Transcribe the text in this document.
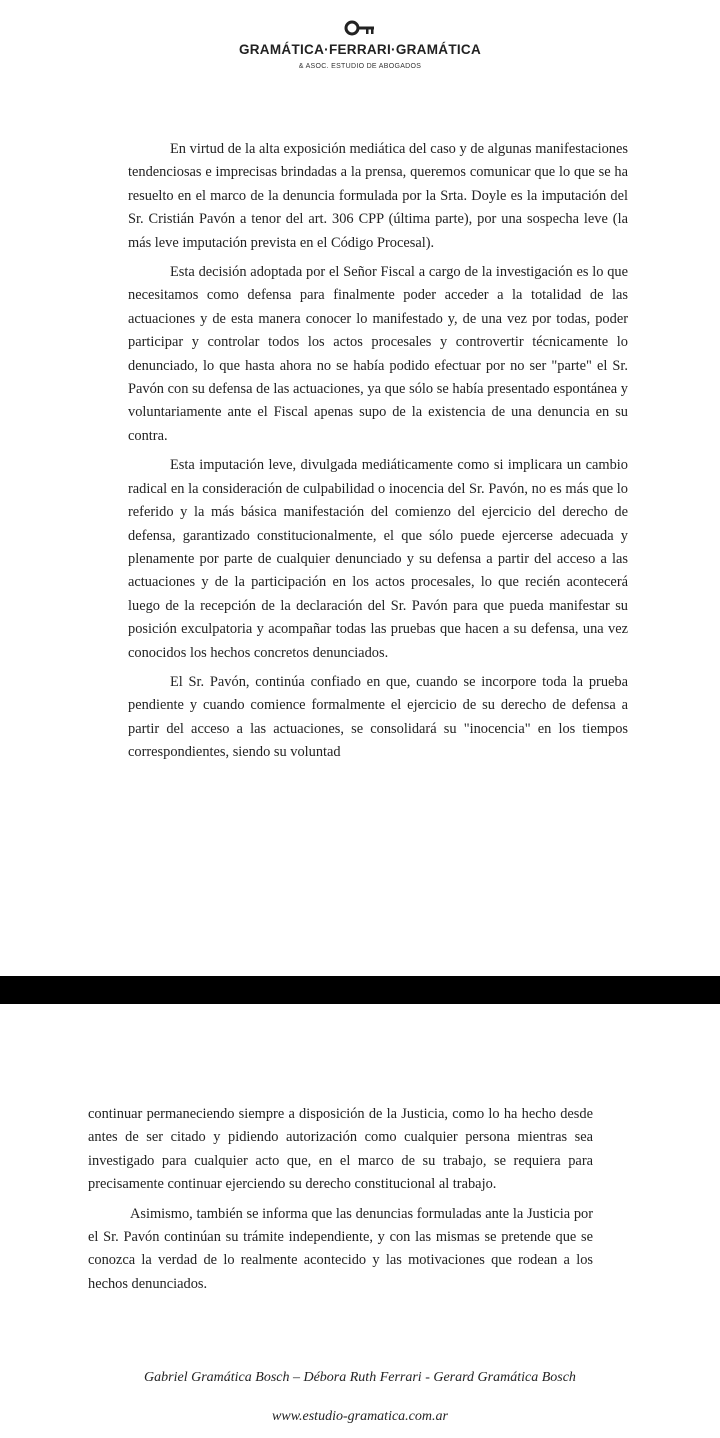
GRAMÁTICA·FERRARI·GRAMÁTICA
& ASOC. ESTUDIO DE ABOGADOS

En virtud de la alta exposición mediática del caso y de algunas manifestaciones tendenciosas e imprecisas brindadas a la prensa, queremos comunicar que lo que se ha resuelto en el marco de la denuncia formulada por la Srta. Doyle es la imputación del Sr. Cristián Pavón a tenor del art. 306 CPP (última parte), por una sospecha leve (la más leve imputación prevista en el Código Procesal).

Esta decisión adoptada por el Señor Fiscal a cargo de la investigación es lo que necesitamos como defensa para finalmente poder acceder a la totalidad de las actuaciones y de esta manera conocer lo manifestado y, de una vez por todas, poder participar y controlar todos los actos procesales y controvertir técnicamente lo denunciado, lo que hasta ahora no se había podido efectuar por no ser "parte" el Sr. Pavón con su defensa de las actuaciones, ya que sólo se había presentado espontánea y voluntariamente ante el Fiscal apenas supo de la existencia de una denuncia en su contra.

Esta imputación leve, divulgada mediáticamente como si implicara un cambio radical en la consideración de culpabilidad o inocencia del Sr. Pavón, no es más que lo referido y la más básica manifestación del comienzo del ejercicio del derecho de defensa, garantizado constitucionalmente, el que sólo puede ejercerse adecuada y plenamente por parte de cualquier denunciado y su defensa a partir del acceso a las actuaciones y de la participación en los actos procesales, lo que recién acontecerá luego de la recepción de la declaración del Sr. Pavón para que pueda manifestar su posición exculpatoria y acompañar todas las pruebas que hacen a su defensa, una vez conocidos los hechos concretos denunciados.

El Sr. Pavón, continúa confiado en que, cuando se incorpore toda la prueba pendiente y cuando comience formalmente el ejercicio de su derecho de defensa a partir del acceso a las actuaciones, se consolidará su "inocencia" en los tiempos correspondientes, siendo su voluntad

continuar permaneciendo siempre a disposición de la Justicia, como lo ha hecho desde antes de ser citado y pidiendo autorización como cualquier persona mientras sea investigado para cualquier acto que, en el marco de su trabajo, se requiera para precisamente continuar ejerciendo su derecho constitucional al trabajo.

Asimismo, también se informa que las denuncias formuladas ante la Justicia por el Sr. Pavón continúan su trámite independiente, y con las mismas se pretende que se conozca la verdad de lo realmente acontecido y las motivaciones que rodean a los hechos denunciados.

Gabriel Gramática Bosch – Débora Ruth Ferrari - Gerard Gramática Bosch
www.estudio-gramatica.com.ar
